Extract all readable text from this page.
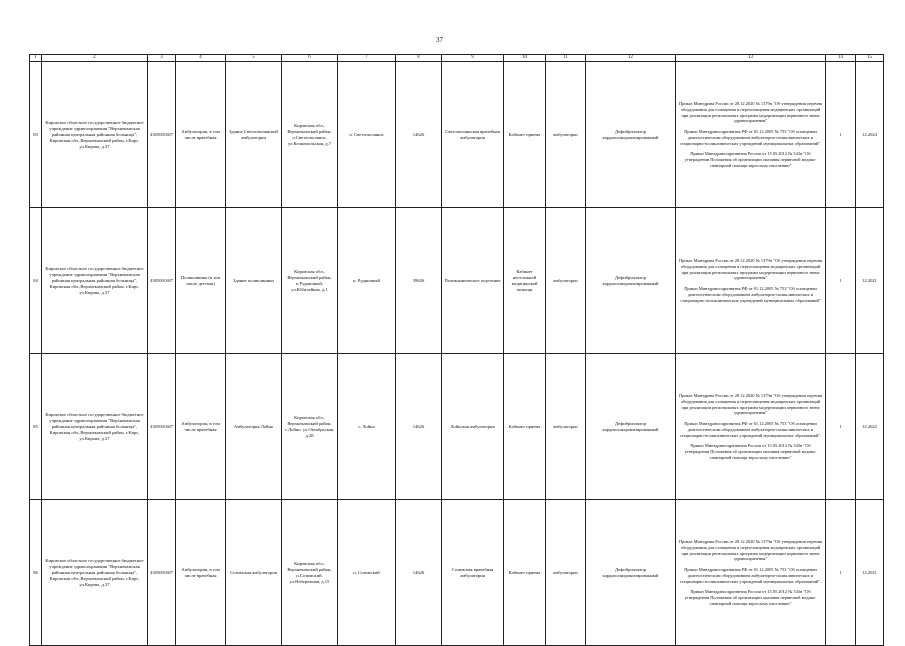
37
1	2	3	4	5	6	7	8	9	10	11	12	13	14	15
83	Кировское областное государственное бюджетное учреждение здравоохранения "Верхнекамская районная центральная районная больница", Кировская обл.,Верхнекамский район, г.Кирс, ул.Кирова, д.37	4305001687	Амбулатория, в том числе врачебная	Здание Светлополянской амбулатории	Кировская обл., Верхнекамский район, п.Светлополянск, ул.Кочкомольская, д.7	п. Светлополянск	14626	Светлополянская врачебная амбулатория	Кабинет приема	амбулаторно	Дефибриллятор кардиосинхронизированный	Приказ Минздрава России от 28.12.2020 № 1379н "Об утверждении перечня оборудования для оснащения и переоснащения медицинских организаций при реализации региональных программ модернизации первичного звена здравоохранения"
Приказ Минздравсоцразвития РФ от 01.12.2005 № 753 "Об оснащении диагностическим оборудованием амбулаторно-поликлинических и стационарно-поликлинических учреждений муниципальных образований".
Приказ Минздравсоцразвития России от 15.05.2012 № 543н "Об утверждении Положения об организации оказания первичной медико-санитарной помощи взрослому населению"	1	12.2024
84	Кировское областное государственное бюджетное учреждение здравоохранения "Верхнекамская районная центральная районная больница", Кировская обл.,Верхнекамский район, г.Кирс, ул.Кирова, д.37	4305001687	Поликлиника (в том числе детская)	Здание поликлиники	Кировская обл., Верхнекамский район, п.Рудничный, ул.Юбилейная, д.1	п. Рудничный	39626	Поликлиническое отделение	Кабинет неотложной медицинской помощи	амбулаторно	Дефибриллятор кардиосинхронизированный	Приказ Минздрава России от 28.12.2020 № 1379н "Об утверждении перечня оборудования для оснащения и переоснащения медицинских организаций при реализации региональных программ модернизации первичного звена здравоохранения"
Приказ Минздравсоцразвития РФ от 01.12.2005 № 753 "Об оснащении диагностическим оборудованием амбулаторно-поликлинических и стационарно-поликлинических учреждений муниципальных образований"	1	12.2021
85	Кировское областное государственное бюджетное учреждение здравоохранения "Верхнекамская районная центральная районная больница", Кировская обл.,Верхнекамский район, г.Кирс, ул.Кирова, д.37	4305001687	Амбулатория, в том числе врачебная	Амбулатория Лойно	Кировская обл., Верхнекамский район, с.Лойно, ул.Октябрьская, д.28	с. Лойно	14626	Лойнская амбулатория	Кабинет приема	амбулаторно	Дефибриллятор кардиосинхронизированный	Приказ Минздрава России от 28.12.2020 № 1379н "Об утверждении перечня оборудования для оснащения и переоснащения медицинских организаций при реализации региональных программ модернизации первичного звена здравоохранения"
Приказ Минздравсоцразвития РФ от 01.12.2005 № 753 "Об оснащении диагностическим оборудованием амбулаторно-поликлинических и стационарно-поликлинических учреждений муниципальных образований".
Приказ Минздравсоцразвития России от 15.05.2012 № 543н "Об утверждении Положения об организации оказания первичной медико-санитарной помощи взрослому населению"	1	12.2022
86	Кировское областное государственное бюджетное учреждение здравоохранения "Верхнекамская районная центральная районная больница", Кировская обл.,Верхнекамский район, г.Кирс, ул.Кирова, д.37	4305001687	Амбулатория, в том числе врачебная	Созимская амбулатория	Кировская обл., Верхнекамский район, п.Созимский, ул.Набережная, д.15	п. Созимский	14626	Созимская врачебная амбулатория	Кабинет приема	амбулаторно	Дефибриллятор кардиосинхронизированный	Приказ Минздрава России от 28.12.2020 № 1379н "Об утверждении перечня оборудования для оснащения и переоснащения медицинских организаций при реализации региональных программ модернизации первичного звена здравоохранения"
Приказ Минздравсоцразвития РФ от 01.12.2005 № 753 "Об оснащении диагностическим оборудованием амбулаторно-поликлинических и стационарно-поликлинических учреждений муниципальных образований".
Приказ Минздравсоцразвития России от 15.05.2012 № 543н "Об утверждении Положения об организации оказания первичной медико-санитарной помощи взрослому населению"	1	12.2021
